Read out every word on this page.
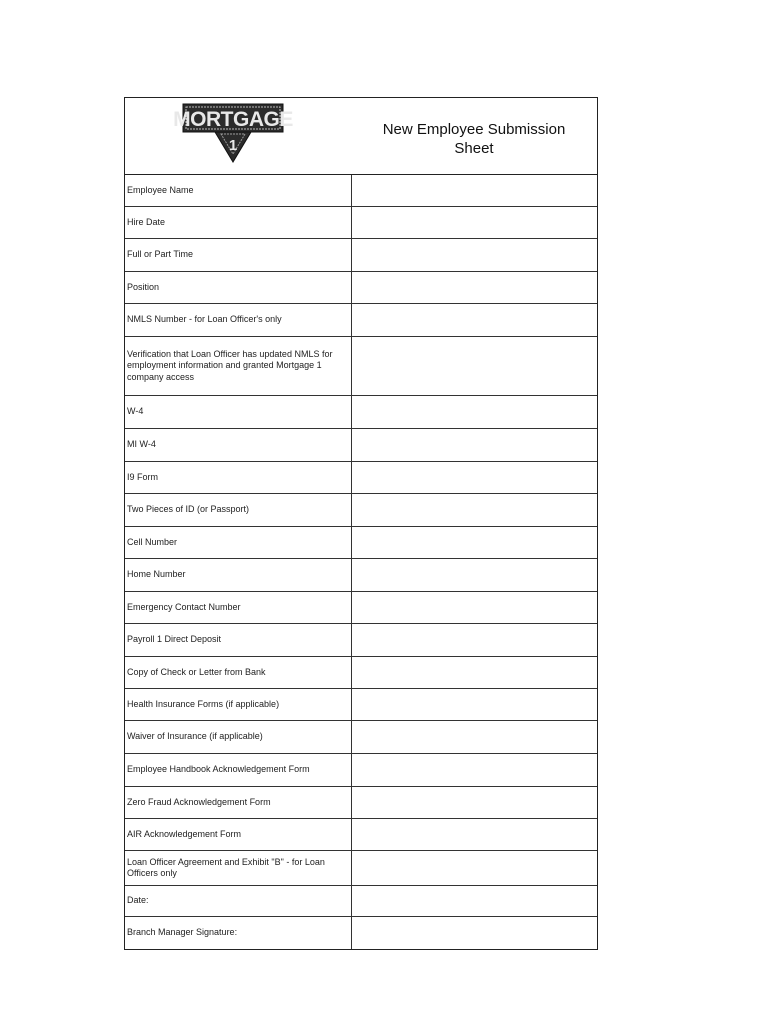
MORTGAGE
1
New Employee Submission Sheet
Employee Name
Hire Date
Full or Part Time
Position
NMLS Number - for Loan Officer's only
Verification that Loan Officer has updated NMLS for employment information and granted Mortgage 1 company access
W-4
MI W-4
I9 Form
Two Pieces of ID (or Passport)
Cell Number
Home Number
Emergency Contact Number
Payroll 1 Direct Deposit
Copy of Check or Letter from Bank
Health Insurance Forms (if applicable)
Waiver of Insurance (if applicable)
Employee Handbook Acknowledgement Form
Zero Fraud Acknowledgement Form
AIR Acknowledgement Form
Loan Officer Agreement and Exhibit "B" - for Loan Officers only
Date:
Branch Manager Signature:
